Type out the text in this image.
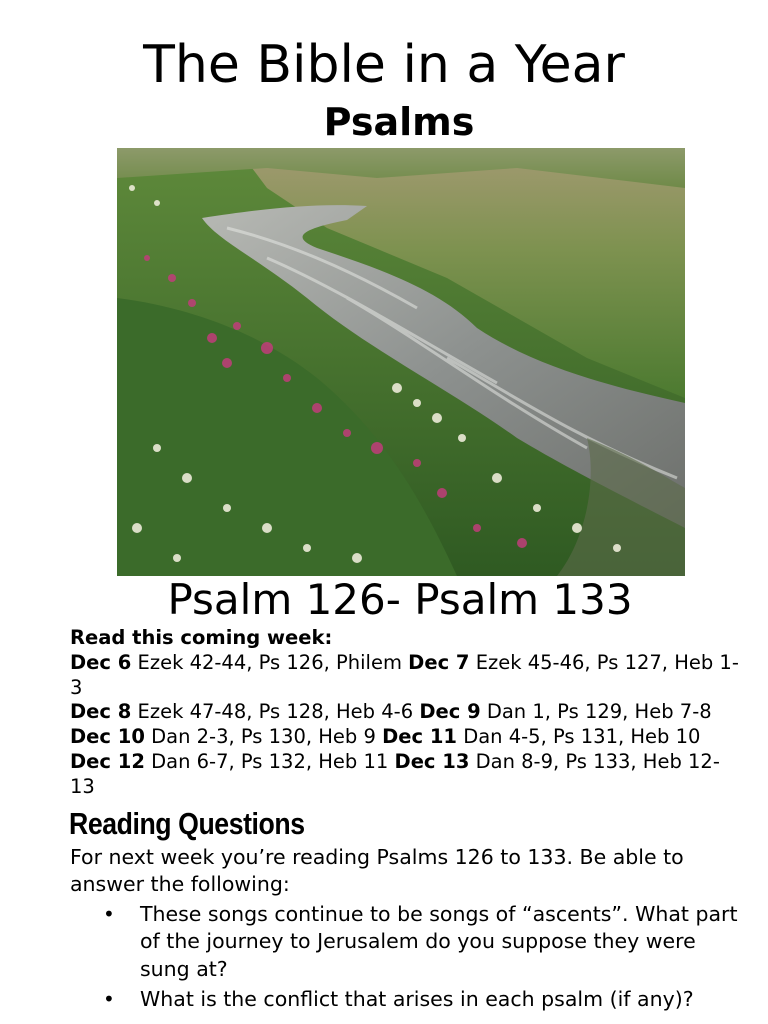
The Bible in a Year
Psalms
Psalm 126- Psalm 133

Read this coming week:

Dec 6 Ezek 42-44, Ps 126, Philem Dec 7 Ezek 45-46, Ps 127, Heb 1-3
Dec 8 Ezek 47-48, Ps 128, Heb 4-6 Dec 9 Dan 1, Ps 129, Heb 7-8 Dec 10 Dan 2-3, Ps 130, Heb 9 Dec 11 Dan 4-5, Ps 131, Heb 10 Dec 12 Dan 6-7, Ps 132, Heb 11 Dec 13 Dan 8-9, Ps 133, Heb 12-13

Reading Questions

For next week you’re reading Psalms 126 to 133. Be able to answer the following:

• These songs continue to be songs of “ascents”. What part of the journey to Jerusalem do you suppose they were sung at?
• What is the conflict that arises in each psalm (if any)?
